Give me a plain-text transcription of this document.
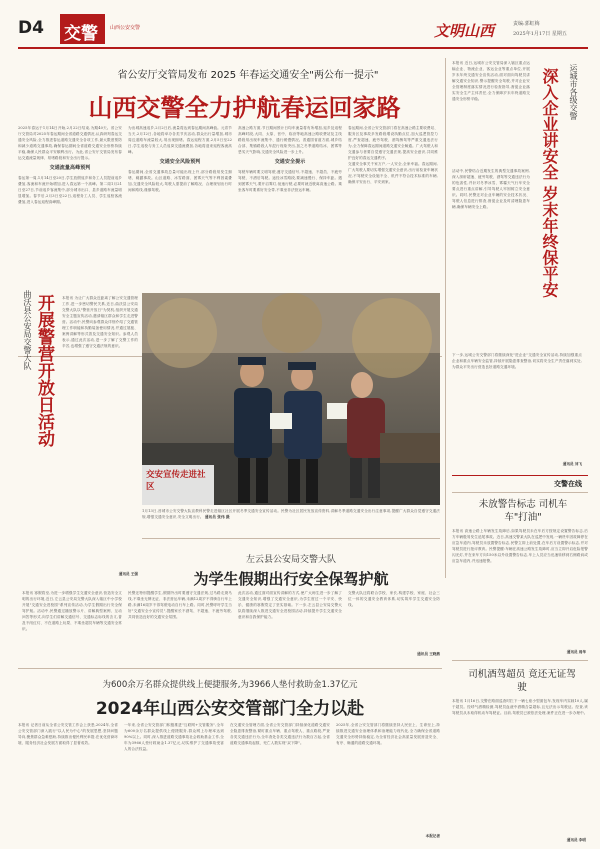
D4 交警 山西公安交警	文明山西	责编:郭虹梅
2025年1月17日 星期五
省公安厅交管局发布 2025 年春运交通安全"两公布一提示"
山西交警全力护航春运回家路
2025年春运于1月14日开始,2月22日结束,为期40天。省公安厅交管局对2025年春运期间全省道路交通情况,认真研判春运交通安全风险,全力推进春运道路交通安全各项工作,最大限度预防和减少道路交通事故,确保春运期间全省道路交通安全形势持续平稳,确保人民群众平安顺利出行。为此,省公安厅交管局发布春运交通流量规律、易堵路段和安全出行提示。
交通流量高峰预判
春运第一周,1月14日至20日,学生放假返乡和务工人员提前返乡叠加,客流和车流开始增加,进入春运第一个高峰。第二周1月21日至27日,节前返乡客流集中,部分城市出口、县乡道路车流量明显增加。春节后,2月3日至22日,返程务工人员、学生返校客流叠加,进入春运返程高峰期。
为出城高速返乡,2月2日后,流量将达到春运期间高峰值。元宵节当天,2月12日,各地将举办各类节庆活动,群众出行量增加,城市周边道路车流量较大,易出现拥堵。春运返程方面,2月5日至22日,学生返校与务工人员返岗交通流叠加,各地将迎来返程客流高峰。
交通安全风险预判
春运期间,全省交通事故总量可能出现上升,部分路段易发生拥堵、剐蹭事故。山区道路、冰雪路面、团雾天气等不利因素叠加,交通安全风险较大,驾驶人需提前了解路况、合理规划出行时间和路线,谨慎驾驶。
高速公路方面,节日期间预计日均车流量将有所增加,返乡及返程高峰时段,大同、太原、晋中、临汾等地高速公路收费站及主线路段易出现车流集中、通行缓慢情况。普通国省道方面,城乡结合部、集镇路段人车混行现象突出,加之冬季道路结冰、团雾等恶劣天气影响,交通安全风险进一步上升。
交通安全提示
驾驶车辆时要文明驾驶,遵守交通信号,不超速、不超员、不疲劳驾驶、不酒后驾驶。途经冰雪路段,要减速慢行、保持车距。遇到团雾天气,要开启雾灯,低速行驶,必要时就近驶离高速公路。乘坐客车时要系好安全带,不乘坐非法营运车辆。
春运期间,全省公安交管部门将在高速公路主要收费站、服务区及事故多发路段增设执勤点位,加大巡逻管控力度,严查超速、疲劳驾驶、酒驾醉驾等严重交通违法行为,全力保障春运期间道路交通安全畅通。广大驾驶人和交通参与者要自觉遵守交通法规,提高安全意识,共同维护良好的春运交通秩序。
交通安全事关千家万户,一人安全,全家幸福。春运期间,广大驾驶人要切实增强交通安全意识,出行前检查车辆状况,不驾驶安全设施不全、机件不符合技术标准的车辆,确保平安出行、平安到家。
本报讯 近日,运城市公安交管局深入辖区重点运输企业、物流企业、客运企业等重点单位,开展岁末年终交通安全宣传活动,面对面向驾驶员讲解交通安全知识,警示提醒安全驾驶,并对企业安全管理制度落实情况进行检查指导,督促企业落实安全生产主体责任,全力保障岁末年终道路交通安全形势平稳。	运城市各级交警
深入企业讲安全 岁末年终保平安
活动中,民警结合近期发生的典型交通事故案例,深入剖析超速、疲劳驾驶、酒驾等交通违法行为的危害性,并针对冬季冰雪、雾霾天气行车安全要点进行重点讲解,引导驾驶人牢固树立安全意识。同时,民警还对企业车辆的安全技术状况、驾驶人信息进行排查,督促企业及时清理隐患车辆,确保车辆安全上路。
下一步,运城公安交警部门将继续深化"进企业"交通安全宣传活动,持续加强重点企业和重点车辆安全监管,持续开展隐患排查整治,切实将安全生产责任落到实处,为群众平安出行营造良好道路交通环境。
通讯员 刘飞
曲沃县公安局交警大队 开展警营开放日活动 本报讯 为让广大群众近距离了解公安交通管理工作,进一步密切警民关系,近日,曲沃县公安局交警大队以"警营开放日"为契机,组织开展交通安全主题宣传活动,邀请辖区群众和学生走进警营。活动中,民警向参观群众详细介绍了交通管理工作职能和执勤装备使用情况,并通过展板、案例讲解等形式普及交通安全知识。参观人员表示,通过此次活动,进一步了解了交警工作的辛苦,也增强了遵守交通法规的意识。
通讯员 王强
交安宣传走进社区
1月13日,晋城市公安交警大队宣教科民警走进辖区社区开展冬季交通安全宣传活动。民警为社区居民发放宣传资料,讲解冬季道路交通安全出行注意事项,提醒广大群众自觉遵守交通法规,增强交通安全意识,安全文明出行。 通讯员 张伟 摄
左云县公安局交警大队
为学生假期出行安全保驾护航
本报讯 寒假将至,为进一步增强学生交通安全意识,营造安全文明的出行环境,近日,左云县公安局交警大队深入辖区中小学校开展"交通安全进校园"系列宣传活动,为学生假期出行安全保驾护航。活动中,民警通过播放警示片、讲解典型案例、互动问答等形式,向学生们讲解交通信号、交通标志标线的含义,普及不闯红灯、不在道路上玩耍、不乘坐超员车辆等交通安全常识。
民警还特别提醒学生,假期外出时要遵守交通法规,过马路走斑马线,不乘坐无牌无证、非法营运车辆,未满12周岁不得骑自行车上路,未满16周岁不得驾驶电动自行车上路。同时,民警呼吁学生当好"交通安全小宣传员",提醒家长不酒驾、不超速、不疲劳驾驶,共同营造良好的交通安全氛围。
此次活动,通过面对面宣传讲解的方式,使广大师生进一步了解了交通安全知识,增强了交通安全意识,为学生度过一个平安、快乐、健康的寒假奠定了坚实基础。下一步,左云县公安局交警大队将继续深入推进交通安全进校园活动,持续提升学生交通安全意识和自我保护能力。
交警大队还将联合学校、家长,构建学校、家庭、社会三位一体的交通安全教育体系,切实筑牢学生交通安全防线。
通讯员 王晓燕
交警在线
未放警告标志 司机车车"打油"
本报讯 高速公路上车辆发生故障后,如果驾驶员未在车后方按规定设置警告标志,后方车辆极易发生追尾事故。近日,高速交警某大队在巡逻中发现,一辆货车因故障停在应急车道内,驾驶员未放置警告标志,民警立即上前处置,在车后方设置警示标志,并对驾驶员进行批评教育。民警提醒:车辆在高速公路发生故障时,应当立即开启危险报警闪光灯,并在来车方向150米以外设置警告标志,车上人员应当迅速转移到右侧路肩或应急车道内,并迅速报警。
通讯员 周华
司机酒驾超员 竟还无证驾驶
本报讯 1月16日,交警在路面巡查时拦下一辆七座小型面包车,发现车内实载10人,属于超员。经呼气酒精检测,驾驶员血液中酒精含量超标,且无法出示驾驶证。经查,该驾驶员从未取得机动车驾驶证。目前,驾驶员已被依法处理,案件正在进一步办理中。
通讯员 李明
为600余万名群众提供线上便捷服务,为3966人垫付救助金1.37亿元
2024年山西公安交管部门全力以赴
本报讯 记者日前从全省公安交管工作会上获悉,2024年,全省公安交管部门深入践行"以人民为中心"的发展思想,坚持问题导向,聚焦群众急难愁盼,持续推出便民利民举措,在优化营商环境、服务经济社会发展方面取得了显著成效。
一年来,全省公安交管部门积极推进"互联网+交管服务",全年为600余万名群众提供线上便捷服务,群众网上办理率达到90%以上。同时,深入推进道路交通事故社会救助基金工作,全年为3966人垫付救助金1.37亿元,切实维护了交通事故受害人的合法权益。
在交通安全管理方面,全省公安交管部门持续深化道路交通安全隐患排查整治,紧盯重点车辆、重点驾驶人、重点路段,严查各类交通违法行为,全年查处各类交通违法行为数百万起,全省道路交通事故起数、死亡人数实现"双下降"。
2025年,全省公安交管部门将继续坚持人民至上、生命至上,持续推进交通安全治理体系和治理能力现代化,全力确保全省道路交通安全形势持续稳定,为全省经济社会高质量发展营造安全、有序、畅通的道路交通环境。
本报记者
